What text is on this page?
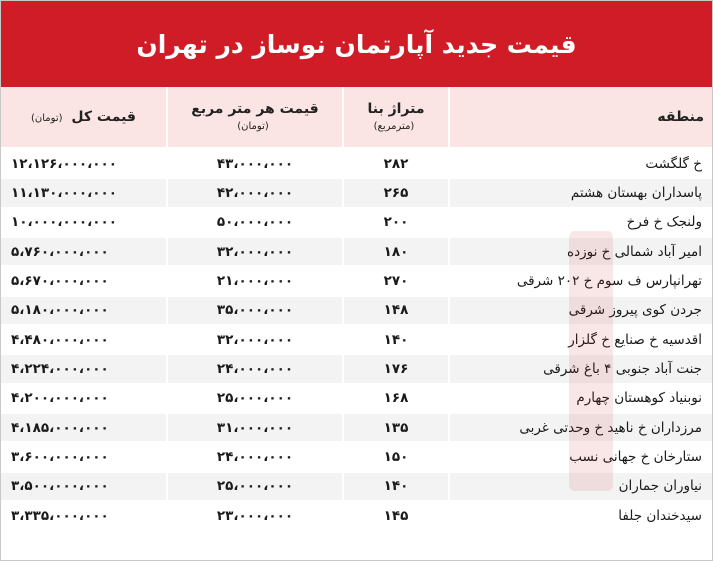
قیمت جدید آپارتمان نوساز در تهران
منطقه	متراژ بنا (مترمربع)	قیمت هر متر مربع (تومان)	قیمت کل (تومان)
خ گلگشت	۲۸۲	۴۳،۰۰۰،۰۰۰	۱۲،۱۲۶،۰۰۰،۰۰۰
پاسداران بهستان هشتم	۲۶۵	۴۲،۰۰۰،۰۰۰	۱۱،۱۳۰،۰۰۰،۰۰۰
ولنجک خ فرخ	۲۰۰	۵۰،۰۰۰،۰۰۰	۱۰،۰۰۰،۰۰۰،۰۰۰
امیر آباد شمالی خ نوزده	۱۸۰	۳۲،۰۰۰،۰۰۰	۵،۷۶۰،۰۰۰،۰۰۰
تهرانپارس ف سوم خ ۲۰۲ شرقی	۲۷۰	۲۱،۰۰۰،۰۰۰	۵،۶۷۰،۰۰۰،۰۰۰
جردن کوی پیروز شرقی	۱۴۸	۳۵،۰۰۰،۰۰۰	۵،۱۸۰،۰۰۰،۰۰۰
اقدسیه خ صنایع خ گلزار	۱۴۰	۳۲،۰۰۰،۰۰۰	۴،۴۸۰،۰۰۰،۰۰۰
جنت آباد جنوبی ۴ باغ شرقی	۱۷۶	۲۴،۰۰۰،۰۰۰	۴،۲۲۴،۰۰۰،۰۰۰
نوبنیاد کوهستان چهارم	۱۶۸	۲۵،۰۰۰،۰۰۰	۴،۲۰۰،۰۰۰،۰۰۰
مرزداران خ ناهید خ وحدتی غربی	۱۳۵	۳۱،۰۰۰،۰۰۰	۴،۱۸۵،۰۰۰،۰۰۰
ستارخان خ جهانی نسب	۱۵۰	۲۴،۰۰۰،۰۰۰	۳،۶۰۰،۰۰۰،۰۰۰
نیاوران جماران	۱۴۰	۲۵،۰۰۰،۰۰۰	۳،۵۰۰،۰۰۰،۰۰۰
سیدخندان جلفا	۱۴۵	۲۳،۰۰۰،۰۰۰	۳،۳۳۵،۰۰۰،۰۰۰
